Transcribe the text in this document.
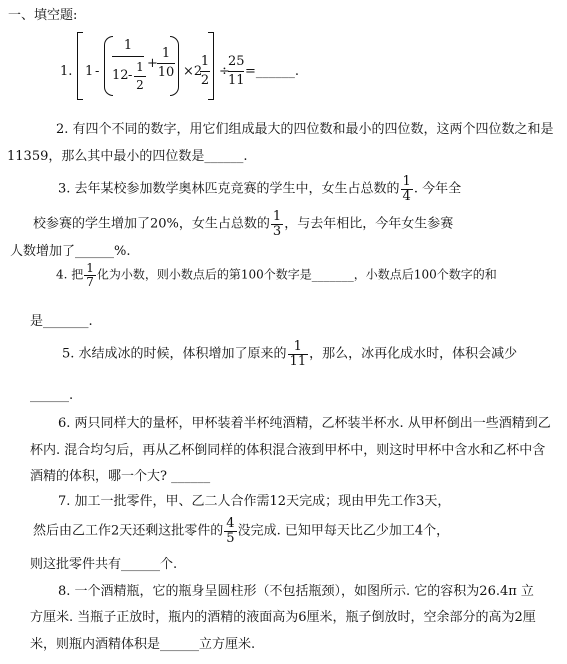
一、填空题:
1. 1 -
1
12 -
1
2
+
1
10 ×2
1
2
÷
25
11
=______.
2. 有四个不同的数字，用它们组成最大的四位数和最小的四位数，这两个四位数之和是
11359，那么其中最小的四位数是______.
3. 去年某校参加数学奥林匹克竞赛的学生中，女生占总数的 $\frac{1}{4}$ . 今年全
校参赛的学生增加了20%，女生占总数的 $\frac{1}{3}$ ，与去年相比，今年女生参赛
人数增加了______%.
4. 把 $\frac{1}{7}$ 化为小数，则小数点后的第100个数字是_______，小数点后100个数字的和
是_______.
5. 水结成冰的时候，体积增加了原来的 $\frac{1}{11}$ ，那么，冰再化成水时，体积会减少
______.
6. 两只同样大的量杯，甲杯装着半杯纯酒精，乙杯装半杯水. 从甲杯倒出一些酒精到乙
杯内. 混合均匀后，再从乙杯倒同样的体积混合液到甲杯中，则这时甲杯中含水和乙杯中含
酒精的体积，哪一个大? ______
7. 加工一批零件，甲、乙二人合作需12天完成；现由甲先工作3天，
然后由乙工作2天还剩这批零件的 $\frac{4}{5}$ 没完成. 已知甲每天比乙少加工4个，
则这批零件共有______个.
8. 一个酒精瓶，它的瓶身呈圆柱形（不包括瓶颈），如图所示. 它的容积为26.4π 立
方厘米. 当瓶子正放时，瓶内的酒精的液面高为6厘米，瓶子倒放时，空余部分的高为2厘
米，则瓶内酒精体积是______立方厘米.
